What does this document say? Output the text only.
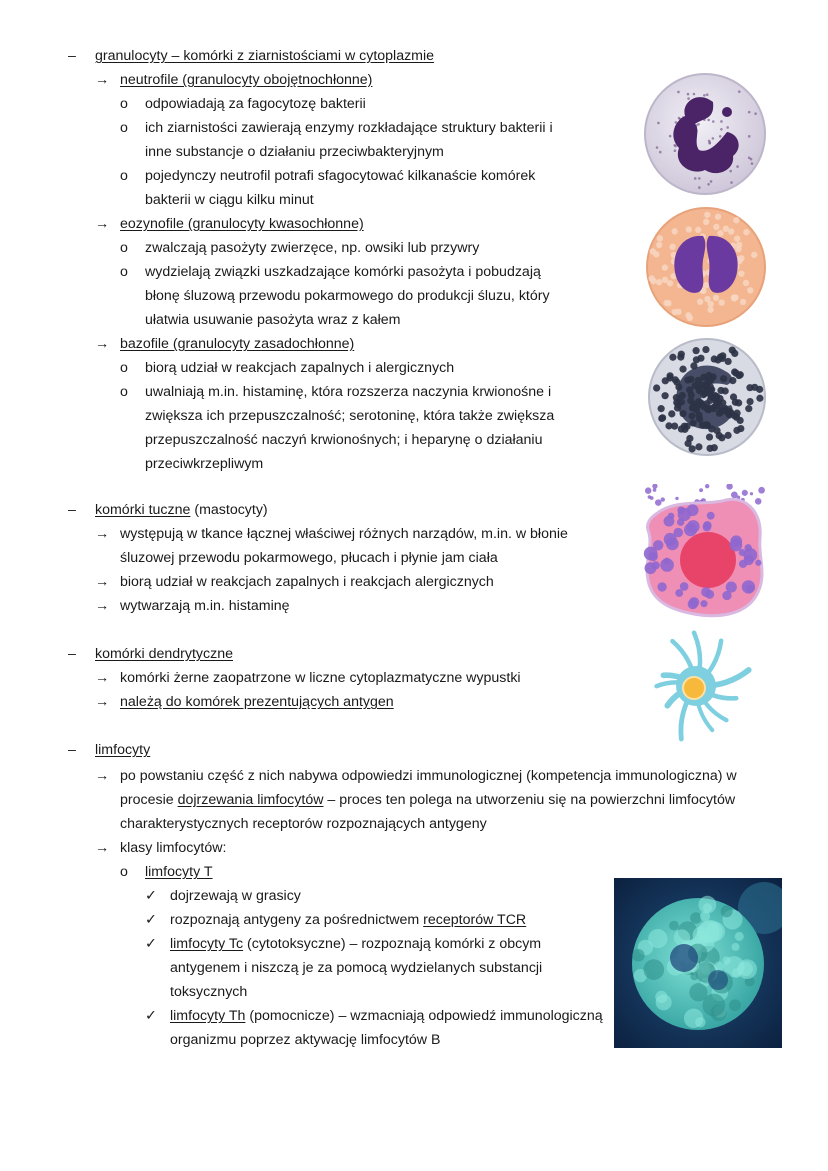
– granulocyty – komórki z ziarnistościami w cytoplazmie
→ neutrofile (granulocyty obojętnochłonne)
o odpowiadają za fagocytozę bakterii
o ich ziarnistości zawierają enzymy rozkładające struktury bakterii i
inne substancje o działaniu przeciwbakteryjnym
o pojedynczy neutrofil potrafi sfagocytować kilkanaście komórek
bakterii w ciągu kilku minut
→ eozynofile (granulocyty kwasochłonne)
o zwalczają pasożyty zwierzęce, np. owsiki lub przywry
o wydzielają związki uszkadzające komórki pasożyta i pobudzają
błonę śluzową przewodu pokarmowego do produkcji śluzu, który
ułatwia usuwanie pasożyta wraz z kałem
→ bazofile (granulocyty zasadochłonne)
o biorą udział w reakcjach zapalnych i alergicznych
o uwalniają m.in. histaminę, która rozszerza naczynia krwionośne i
zwiększa ich przepuszczalność; serotoninę, która także zwiększa
przepuszczalność naczyń krwionośnych; i heparynę o działaniu
przeciwkrzepliwym
– komórki tuczne (mastocyty)
→ występują w tkance łącznej właściwej różnych narządów, m.in. w błonie
śluzowej przewodu pokarmowego, płucach i płynie jam ciała
→ biorą udział w reakcjach zapalnych i reakcjach alergicznych
→ wytwarzają m.in. histaminę
– komórki dendrytyczne
→ komórki żerne zaopatrzone w liczne cytoplazmatyczne wypustki
→ należą do komórek prezentujących antygen
– limfocyty
→ po powstaniu część z nich nabywa odpowiedzi immunologicznej (kompetencja immunologiczna) w
procesie dojrzewania limfocytów – proces ten polega na utworzeniu się na powierzchni limfocytów
charakterystycznych receptorów rozpoznających antygeny
→ klasy limfocytów:
o limfocyty T
✓ dojrzewają w grasicy
✓ rozpoznają antygeny za pośrednictwem receptorów TCR
✓ limfocyty Tc (cytotoksyczne) – rozpoznają komórki z obcym
antygenem i niszczą je za pomocą wydzielanych substancji
toksycznych
✓ limfocyty Th (pomocnicze) – wzmacniają odpowiedź immunologiczną
organizmu poprzez aktywację limfocytów B
